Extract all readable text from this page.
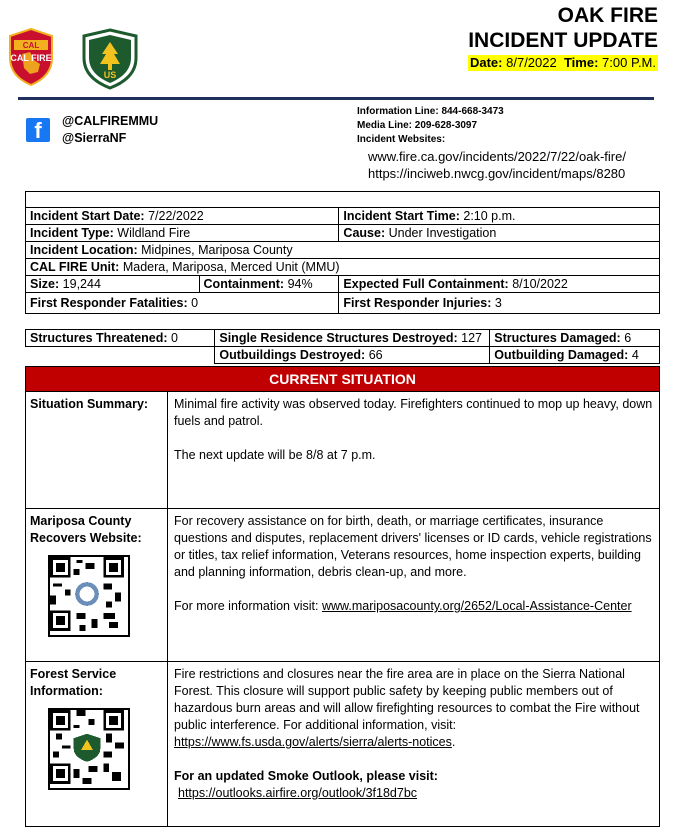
CAL
CAL FIRE
US
OAK FIRE
INCIDENT UPDATE
Date: 8/7/2022 Time: 7:00 P.M.
f	@CALFIREMMU
@SierraNF
Information Line: 844-668-3473
Media Line: 209-628-3097
Incident Websites:
www.fire.ca.gov/incidents/2022/7/22/oak-fire/
https://inciweb.nwcg.gov/incident/maps/8280

Incident Start Date: 7/22/2022		Incident Start Time: 2:10 p.m.
Incident Type: Wildland Fire		Cause: Under Investigation
Incident Location: Midpines, Mariposa County		
CAL FIRE Unit: Madera, Mariposa, Merced Unit (MMU)		
Size: 19,244	Containment: 94%	Expected Full Containment: 8/10/2022
First Responder Fatalities: 0		First Responder Injuries: 3
Structures Threatened: 0	Single Residence Structures Destroyed: 127	Structures Damaged: 6
	Outbuildings Destroyed: 66	Outbuilding Damaged: 4
CURRENT SITUATION	
Situation Summary:	Minimal fire activity was observed today. Firefighters continued to mop up heavy, down fuels and patrol.

The next update will be 8/8 at 7 p.m.

Mariposa County Recovers Website:	For recovery assistance on for birth, death, or marriage certificates, insurance questions and disputes, replacement drivers' licenses or ID cards, vehicle registrations or titles, tax relief information, Veterans resources, home inspection experts, building and planning information, debris clean-up, and more.

For more information visit: www.mariposacounty.org/2652/Local-Assistance-Center

Forest Service Information:	Fire restrictions and closures near the fire area are in place on the Sierra National Forest. This closure will support public safety by keeping public members out of hazardous burn areas and will allow firefighting resources to combat the Fire without public interference. For additional information, visit:

https://www.fs.usda.gov/alerts/sierra/alerts-notices.

For an updated Smoke Outlook, please visit:

https://outlooks.airfire.org/outlook/3f18d7bc
